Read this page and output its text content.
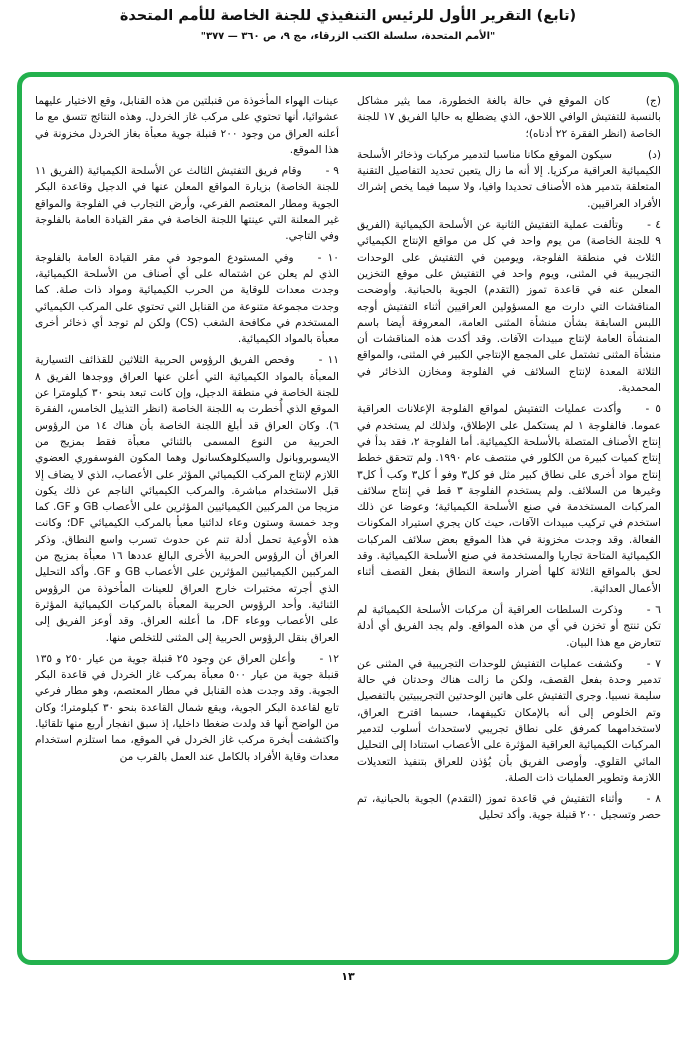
(تابع) التقرير الأول للرئيس التنفيذي للجنة الخاصة للأمم المتحدة
"الأمم المتحدة، سلسلة الكتب الزرقاء، مج ٩، ص ٣٦٠ — ٣٧٧"
(ج)كان الموقع في حالة بالغة الخطورة، مما يثير مشاكل بالنسبة للتفتيش الوافي اللاحق، الذي يضطلع به حاليا الفريق ١٧ للجنة الخاصة (انظر الفقرة ٢٢ أدناه)؛
(د)سيكون الموقع مكانا مناسبا لتدمير مركبات وذخائر الأسلحة الكيميائية العراقية مركزيا. إلا أنه ما زال يتعين تحديد التفاصيل التقنية المتعلقة بتدمير هذه الأصناف تحديدا وافيا، ولا سيما فيما يخص إشراك الأفراد العراقيين.
٤ -وتألفت عملية التفتيش الثانية عن الأسلحة الكيميائية (الفريق ٩ للجنة الخاصة) من يوم واحد في كل من مواقع الإنتاج الكيميائي الثلاث في منطقة الفلوجة، ويومين في التفتيش على الوحدات التجريبية في المثنى، ويوم واحد في التفتيش على موقع التخزين المعلن عنه في قاعدة تموز (التقدم) الجوية بالحبانية. وأوضحت المناقشات التي دارت مع المسؤولين العراقيين أثناء التفتيش أوجه اللبس السابقة بشأن منشأة المثنى العامة، المعروفة أيضا باسم المنشأة العامة لإنتاج مبيدات الآفات. وقد أكدت هذه المناقشات أن منشأة المثنى تشتمل على المجمع الإنتاجي الكبير في المثنى، والمواقع الثلاثة المعدة لإنتاج السلائف في الفلوجة ومخازن الذخائر في المحمدية.
٥ -وأكدت عمليات التفتيش لمواقع الفلوجة الإعلانات العراقية عموما. فالفلوجة ١ لم يستكمل على الإطلاق، ولذلك لم يستخدم في إنتاج الأصناف المتصلة بالأسلحة الكيميائية. أما الفلوجة ٢، فقد بدأ في إنتاج كميات كبيرة من الكلور في منتصف عام ١٩٩٠. ولم تتحقق خطط إنتاج مواد أخرى على نطاق كبير مثل فو كل٣ وفو أ كل٣ وكب أ كل٣ وغيرها من السلائف. ولم يستخدم الفلوجة ٣ قط في إنتاج سلائف المركبات المستخدمة في صنع الأسلحة الكيميائية؛ وعوضا عن ذلك استخدم في تركيب مبيدات الآفات، حيث كان يجري استيراد المكونات الفعالة. وقد وجدت مخزونة في هذا الموقع بعض سلائف المركبات الكيميائية المتاحة تجاريا والمستخدمة في صنع الأسلحة الكيميائية. وقد لحق بالمواقع الثلاثة كلها أضرار واسعة النطاق بفعل القصف أثناء الأعمال العدائية.
٦ -وذكرت السلطات العراقية أن مركبات الأسلحة الكيميائية لم تكن تنتج أو تخزن في أي من هذه المواقع. ولم يجد الفريق أي أدلة تتعارض مع هذا البيان.
٧ -وكشفت عمليات التفتيش للوحدات التجريبية في المثنى عن تدمير وحدة بفعل القصف، ولكن ما زالت هناك وحدتان في حالة سليمة نسبيا. وجرى التفتيش على هاتين الوحدتين التجريبيتين بالتفصيل وتم الخلوص إلى أنه بالإمكان تكييفهما، حسبما اقترح العراق، لاستخدامهما كمرفق على نطاق تجريبي لاستحداث أسلوب لتدمير المركبات الكيميائية العراقية المؤثرة على الأعصاب استنادا إلى التحليل المائي القلوي. وأوصى الفريق بأن يُؤذن للعراق بتنفيذ التعديلات اللازمة وتطوير العمليات ذات الصلة.
٨ -وأثناء التفتيش في قاعدة تموز (التقدم) الجوية بالحبانية، تم حصر وتسجيل ٢٠٠ قنبلة جوية. وأكد تحليل
عينات الهواء المأخوذة من قنبلتين من هذه القنابل، وقع الاختيار عليهما عشوائيا، أنها تحتوي على مركب غاز الخردل. وهذه النتائج تتسق مع ما أعلنه العراق من وجود ٢٠٠ قنبلة جوية معبأة بغاز الخردل مخزونة في هذا الموقع.
٩ -وقام فريق التفتيش الثالث عن الأسلحة الكيميائية (الفريق ١١ للجنة الخاصة) بزيارة المواقع المعلن عنها في الدجيل وقاعدة البكر الجوية ومطار المعتصم الفرعي، وأرض التجارب في الفلوجة والمواقع غير المعلنة التي عينتها اللجنة الخاصة في مقر القيادة العامة بالفلوجة وفي التاجي.
١٠ -وفي المستودع الموجود في مقر القيادة العامة بالفلوجة الذي لم يعلن عن اشتماله على أي أصناف من الأسلحة الكيميائية، وجدت معدات للوقاية من الحرب الكيميائية ومواد ذات صلة. كما وجدت مجموعة متنوعة من القنابل التي تحتوي على المركب الكيميائي المستخدم في مكافحة الشغب (CS) ولكن لم توجد أي ذخائر أخرى معبأة بالمواد الكيميائية.
١١ -وفحص الفريق الرؤوس الحربية الثلاثين للقذائف التسيارية المعبأة بالمواد الكيميائية التي أعلن عنها العراق ووجدها الفريق ٨ للجنة الخاصة في منطقة الدجيل، وإن كانت تبعد بنحو ٣٠ كيلومترا عن الموقع الذي أُخطرت به اللجنة الخاصة (انظر التذييل الخامس، الفقرة ٦). وكان العراق قد أبلغ اللجنة الخاصة بأن هناك ١٤ من الرؤوس الحربية من النوع المسمى بالثنائي معبأة فقط بمزيج من الايسوبروبانول والسيكلوهكسانول وهما المكون الفوسفوري العضوي اللازم لإنتاج المركب الكيميائي المؤثر على الأعصاب، الذي لا يضاف إلا قبل الاستخدام مباشرة. والمركب الكيميائي الناجم عن ذلك يكون مزيجا من المركبين الكيميائيين المؤثرين على الأعصاب GB و GF. كما وجد خمسة وستون وعاء لدائنيا معبأ بالمركب الكيميائي DF؛ وكانت هذه الأوعية تحمل أدلة تنم عن حدوث تسرب واسع النطاق. وذكر العراق أن الرؤوس الحربية الأخرى البالغ عددها ١٦ معبأة بمزيج من المركبين الكيميائيين المؤثرين على الأعصاب GB و GF. وأكد التحليل الذي أجرته مختبرات خارج العراق للعينات المأخوذة من الرؤوس الثنائية. وأحد الرؤوس الحربية المعبأة بالمركبات الكيميائية المؤثرة على الأعصاب ووعاء DF، ما أعلنه العراق. وقد أوعز الفريق إلى العراق بنقل الرؤوس الحربية إلى المثنى للتخلص منها.
١٢ -وأعلن العراق عن وجود ٢٥ قنبلة جوية من عيار ٢٥٠ و ١٣٥ قنبلة جوية من عيار ٥٠٠ معبأة بمركب غاز الخردل في قاعدة البكر الجوية. وقد وجدت هذه القنابل في مطار المعتصم، وهو مطار فرعي تابع لقاعدة البكر الجوية، ويقع شمال القاعدة بنحو ٣٠ كيلومترا؛ وكان من الواضح أنها قد ولدت ضغطا داخليا، إذ سبق انفجار أربع منها تلقائيا. واكتشفت أبخرة مركب غاز الخردل في الموقع، مما استلزم استخدام معدات وقاية الأفراد بالكامل عند العمل بالقرب من
١٣
